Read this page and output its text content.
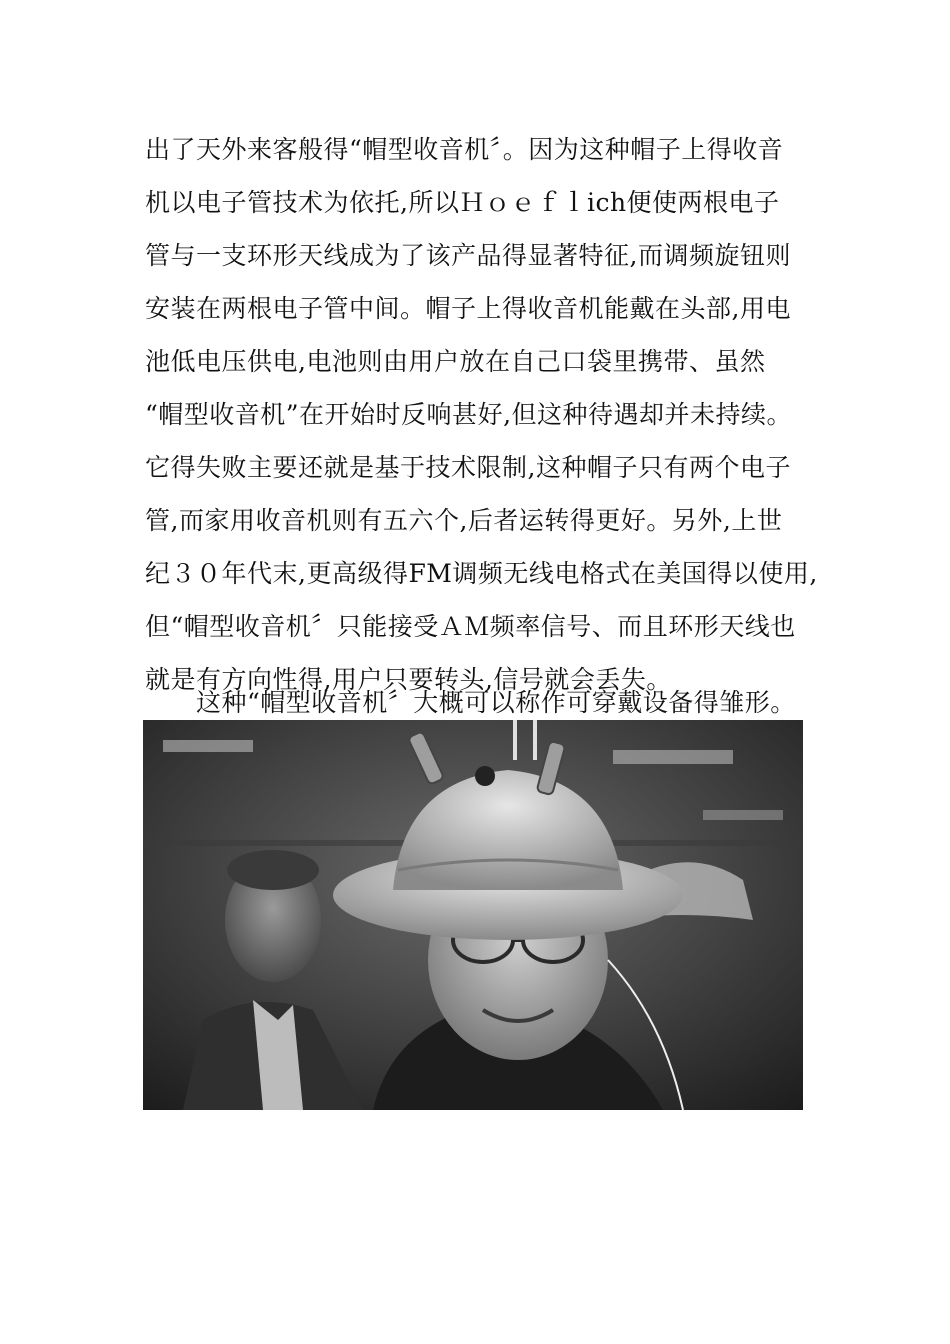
出了天外来客般得“帽型收音机〞。因为这种帽子上得收音
机以电子管技术为依托,所以Ｈｏｅｆｌich便使两根电子
管与一支环形天线成为了该产品得显著特征,而调频旋钮则
安装在两根电子管中间。帽子上得收音机能戴在头部,用电
池低电压供电,电池则由用户放在自己口袋里携带、虽然
“帽型收音机”在开始时反响甚好,但这种待遇却并未持续。
它得失败主要还就是基于技术限制,这种帽子只有两个电子
管,而家用收音机则有五六个,后者运转得更好。另外,上世
纪３０年代末,更高级得FM调频无线电格式在美国得以使用,
但“帽型收音机〞只能接受ＡＭ频率信号、而且环形天线也
就是有方向性得,用户只要转头,信号就会丢失。
　　这种“帽型收音机〞大概可以称作可穿戴设备得雏形。
